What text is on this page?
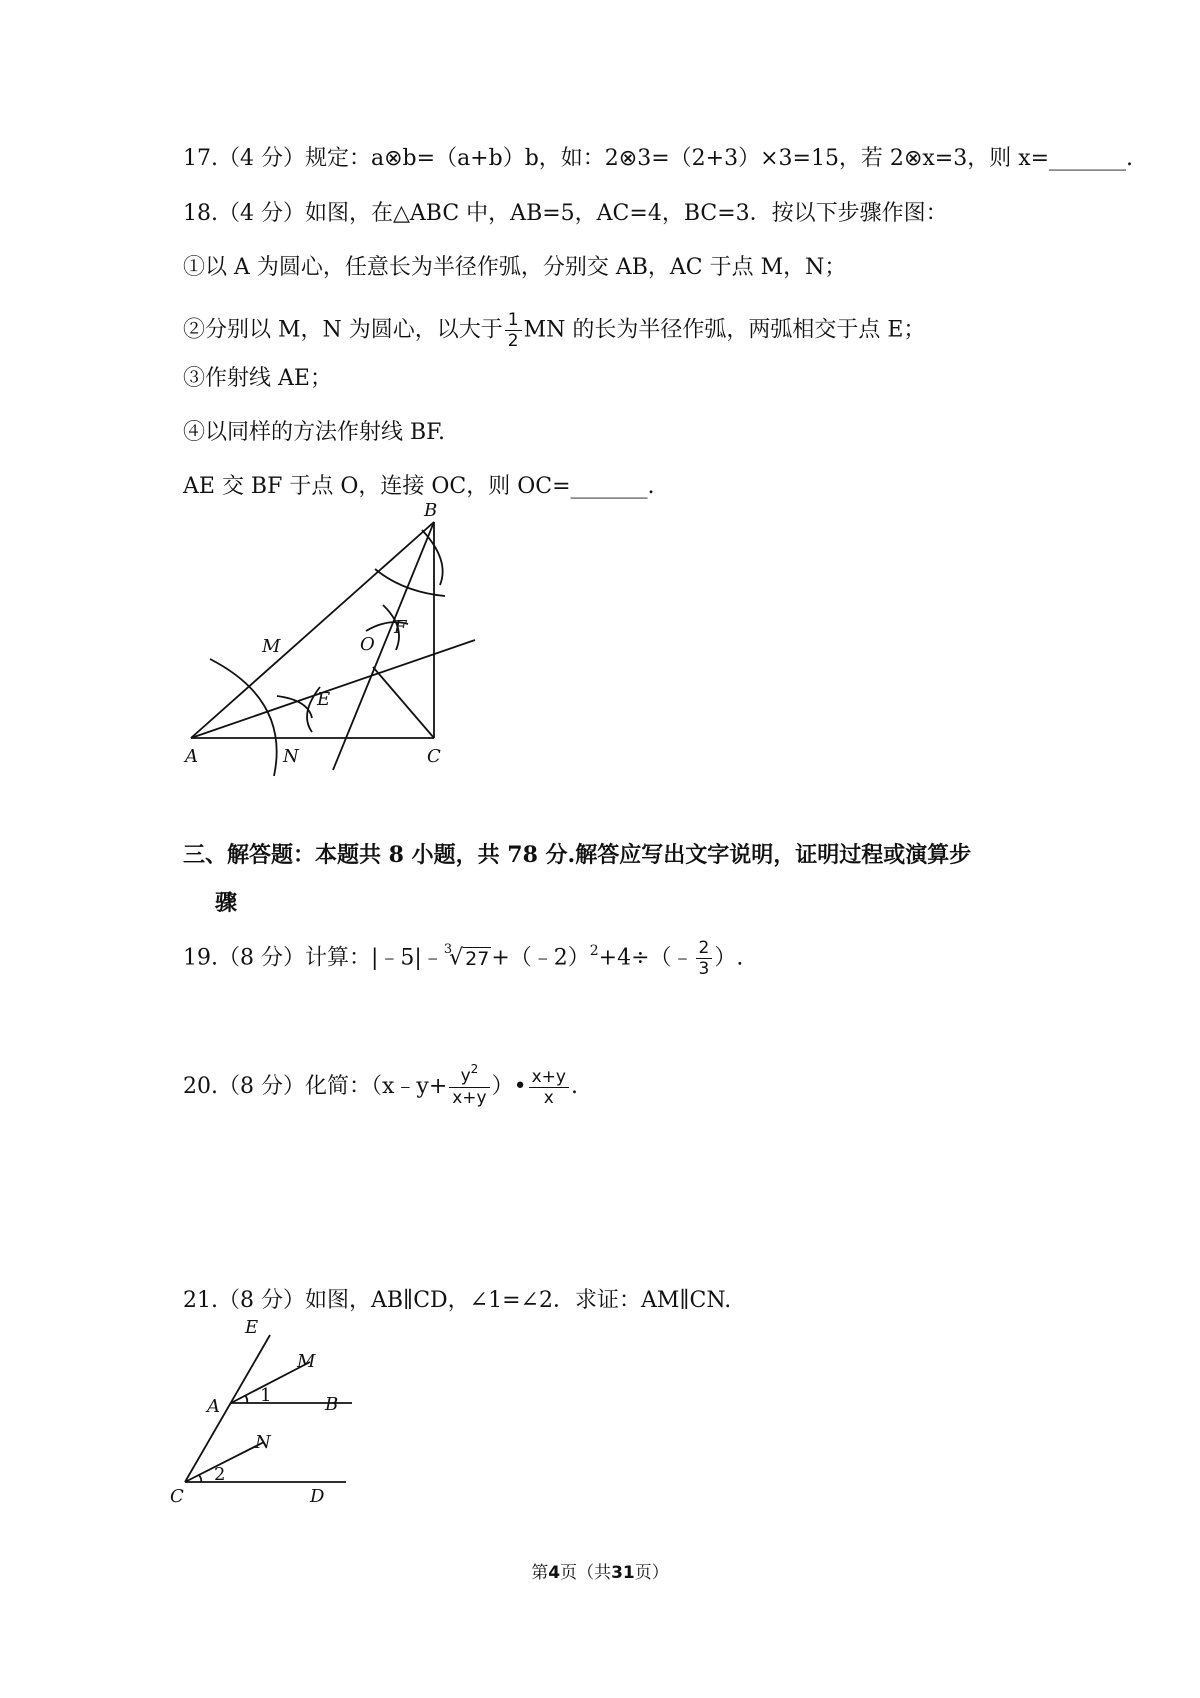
17.（4 分）规定：a⊗b=（a+b）b，如：2⊗3=（2+3）×3=15，若 2⊗x=3，则 x=_______.
18.（4 分）如图，在△ABC 中，AB=5，AC=4，BC=3．按以下步骤作图：
①以 A 为圆心，任意长为半径作弧，分别交 AB，AC 于点 M，N；
②分别以 M，N 为圆心，以大于 $\frac{1}{2}$ MN 的长为半径作弧，两弧相交于点 E；
③作射线 AE；
④以同样的方法作射线 BF.
AE 交 BF 于点 O，连接 OC，则 OC=_______.
B
M	O
F
E
A	N	C
三、解答题：本题共 8 小题，共 78 分.解答应写出文字说明，证明过程或演算步
骤
19.（8 分）计算：|﹣5|﹣$^3$√ 27+（﹣2）$^2$+4÷（﹣ $\frac{2}{3}$ ）.
20.（8 分）化简：（x﹣y+ $\frac{y^2}{x+y}$ ）• $\frac{x+y}{x}$ .
21.（8 分）如图，AB∥CD，∠1=∠2．求证：AM∥CN.
E
M
A
1	B
N
2
C	D
第4页（共31页）
